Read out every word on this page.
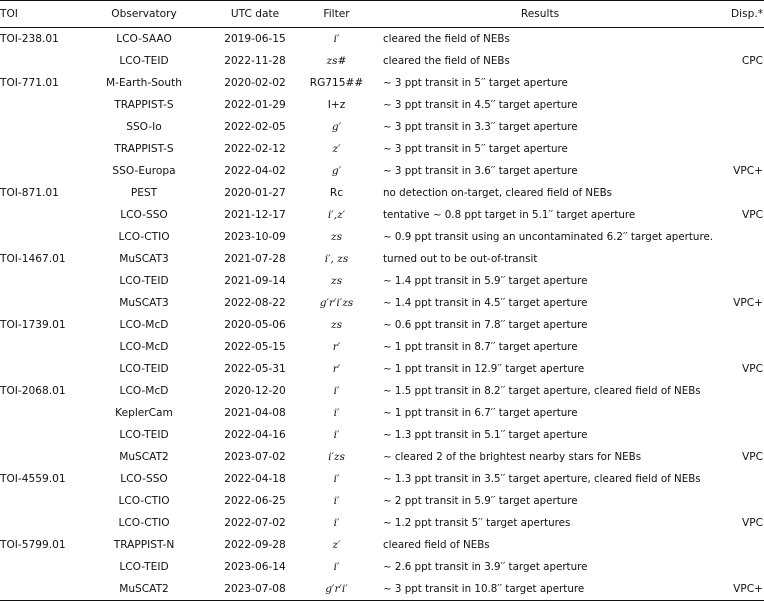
TOI	Observatory	UTC date	Filter	Results	Disp.*
TOI-238.01	LCO-SAAO	2019-06-15	i′	cleared the field of NEBs	
	LCO-TEID	2022-11-28	zs#	cleared the field of NEBs	CPC
TOI-771.01	M-Earth-South	2020-02-02	RG715##	∼ 3 ppt transit in 5′′ target aperture	
	TRAPPIST-S	2022-01-29	I+z	∼ 3 ppt transit in 4.5′′ target aperture	
	SSO-Io	2022-02-05	g′	∼ 3 ppt transit in 3.3′′ target aperture	
	TRAPPIST-S	2022-02-12	z′	∼ 3 ppt transit in 5′′ target aperture	
	SSO-Europa	2022-04-02	g′	∼ 3 ppt transit in 3.6′′ target aperture	VPC+
TOI-871.01	PEST	2020-01-27	Rc	no detection on-target, cleared field of NEBs	
	LCO-SSO	2021-12-17	i′,z′	tentative ∼ 0.8 ppt target in 5.1′′ target aperture	VPC
	LCO-CTIO	2023-10-09	zs	∼ 0.9 ppt transit using an uncontaminated 6.2′′ target aperture.	
TOI-1467.01	MuSCAT3	2021-07-28	i′, zs	turned out to be out-of-transit	
	LCO-TEID	2021-09-14	zs	∼ 1.4 ppt transit in 5.9′′ target aperture	
	MuSCAT3	2022-08-22	g′r′i′zs	∼ 1.4 ppt transit in 4.5′′ target aperture	VPC+
TOI-1739.01	LCO-McD	2020-05-06	zs	∼ 0.6 ppt transit in 7.8′′ target aperture	
	LCO-McD	2022-05-15	r′	∼ 1 ppt transit in 8.7′′ target aperture	
	LCO-TEID	2022-05-31	r′	∼ 1 ppt transit in 12.9′′ target aperture	VPC
TOI-2068.01	LCO-McD	2020-12-20	i′	∼ 1.5 ppt transit in 8.2′′ target aperture, cleared field of NEBs	
	KeplerCam	2021-04-08	i′	∼ 1 ppt transit in 6.7′′ target aperture	
	LCO-TEID	2022-04-16	i′	∼ 1.3 ppt transit in 5.1′′ target aperture	
	MuSCAT2	2023-07-02	i′zs	∼ cleared 2 of the brightest nearby stars for NEBs	VPC
TOI-4559.01	LCO-SSO	2022-04-18	i′	∼ 1.3 ppt transit in 3.5′′ target aperture, cleared field of NEBs	
	LCO-CTIO	2022-06-25	i′	∼ 2 ppt transit in 5.9′′ target aperture	
	LCO-CTIO	2022-07-02	i′	∼ 1.2 ppt transit 5′′ target apertures	VPC
TOI-5799.01	TRAPPIST-N	2022-09-28	z′	cleared field of NEBs	
	LCO-TEID	2023-06-14	i′	∼ 2.6 ppt transit in 3.9′′ target aperture	
	MuSCAT2	2023-07-08	g′r′i′	∼ 3 ppt transit in 10.8′′ target aperture	VPC+
